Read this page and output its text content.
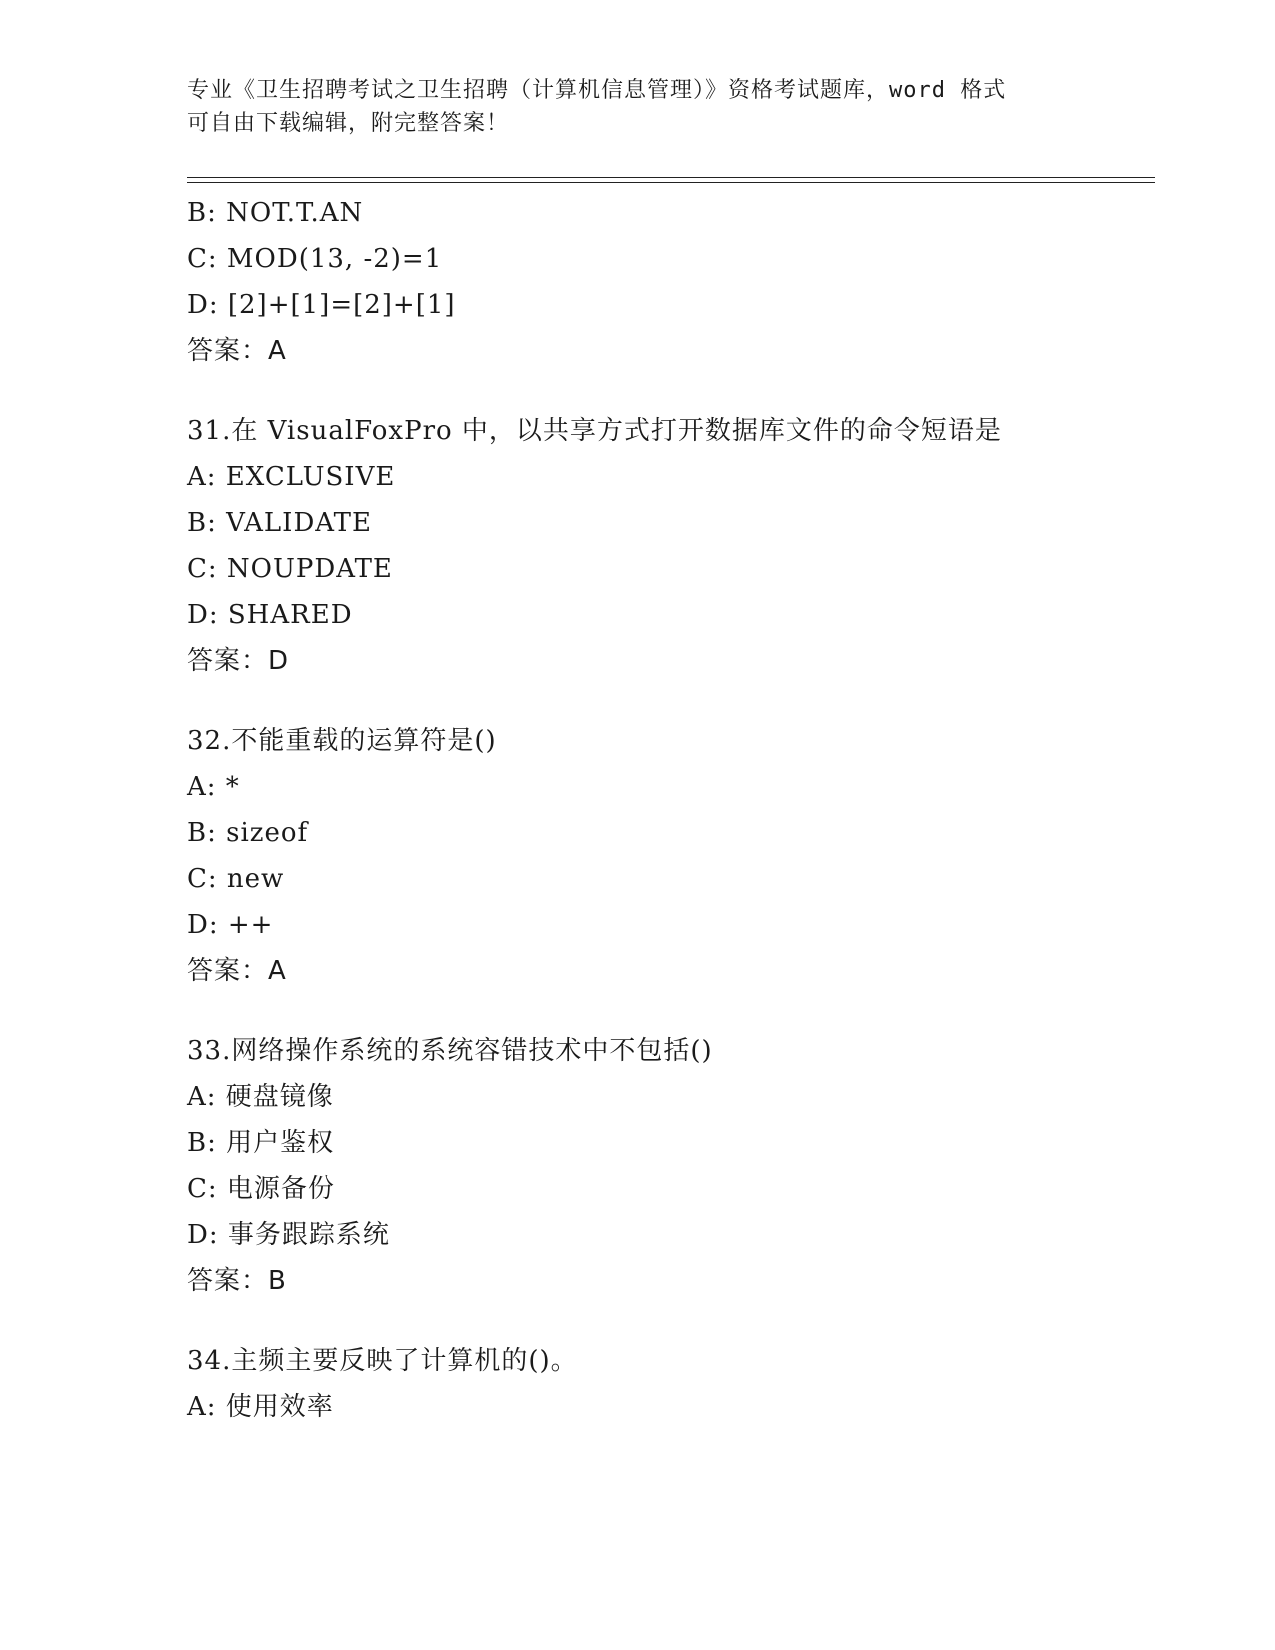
专业《卫生招聘考试之卫生招聘（计算机信息管理）》资格考试题库，word 格式
可自由下载编辑，附完整答案！
B: NOT.T.AN
C: MOD(13, -2)=1
D: [2]+[1]=[2]+[1]
答案：A
31.在 VisualFoxPro 中，以共享方式打开数据库文件的命令短语是
A: EXCLUSIVE
B: VALIDATE
C: NOUPDATE
D: SHARED
答案：D
32.不能重载的运算符是()
A: *
B: sizeof
C: new
D: ++
答案：A
33.网络操作系统的系统容错技术中不包括()
A: 硬盘镜像
B: 用户鉴权
C: 电源备份
D: 事务跟踪系统
答案：B
34.主频主要反映了计算机的()。
A: 使用效率
